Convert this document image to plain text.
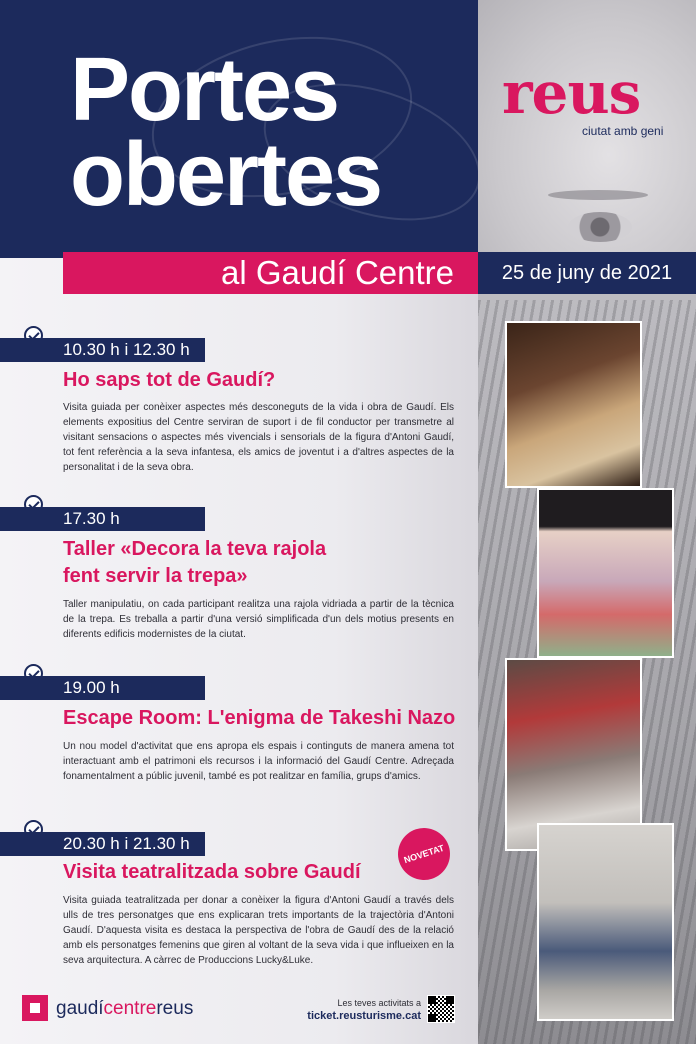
Portes
obertes
reus
ciutat amb geni
al Gaudí Centre	25 de juny de 2021
10.30 h i 12.30 h
Ho saps tot de Gaudí?

Visita guiada per conèixer aspectes més desconeguts de la vida i obra de Gaudí. Els elements expositius del Centre serviran de suport i de fil conductor per transmetre al visitant sensacions o aspectes més vivencials i sensorials de la figura d'Antoni Gaudí, tot fent referència a la seva infantesa, els amics de joventut i a d'altres aspectes de la personalitat i de la seva obra.

17.30 h
Taller «Decora la teva rajola
fent servir la trepa»

Taller manipulatiu, on cada participant realitza una rajola vidriada a partir de la tècnica de la trepa. Es treballa a partir d'una versió simplificada d'un dels motius presents en diferents edificis modernistes de la ciutat.

19.00 h
Escape Room: L'enigma de Takeshi Nazo

Un nou model d'activitat que ens apropa els espais i continguts de manera amena tot interactuant amb el patrimoni els recursos i la informació del Gaudí Centre. Adreçada fonamentalment a públic juvenil, també es pot realitzar en família, grups d'amics.

20.30 h i 21.30 h
Visita teatralitzada sobre Gaudí

Visita guiada teatralitzada per donar a conèixer la figura d'Antoni Gaudí a través dels ulls de tres personatges que ens explicaran trets importants de la trajectòria d'Antoni Gaudí. D'aquesta visita es destaca la perspectiva de l'obra de Gaudí des de la relació amb els personatges femenins que giren al voltant de la seva vida i que influeixen en la seva arquitectura. A càrrec de Produccions Lucky&Luke.

NOVETAT
gaudícentrereus	Les teves activitats a
ticket.reusturisme.cat
